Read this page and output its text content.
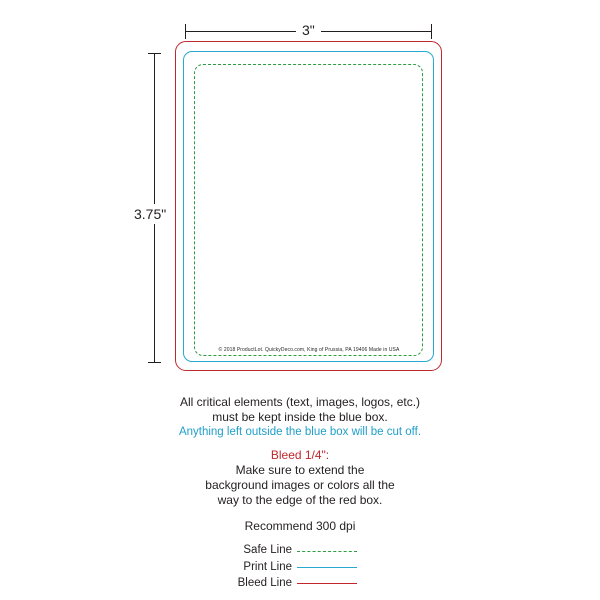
3"
3.75"
© 2018 ProductLot. QuickyDeco.com, King of Prussia, PA 19406 Made in USA
All critical elements (text, images, logos, etc.)
must be kept inside the blue box.
Anything left outside the blue box will be cut off.
Bleed 1/4":
Make sure to extend the
background images or colors all the
way to the edge of the red box.
Recommend 300 dpi
Safe Line
Print Line
Bleed Line
